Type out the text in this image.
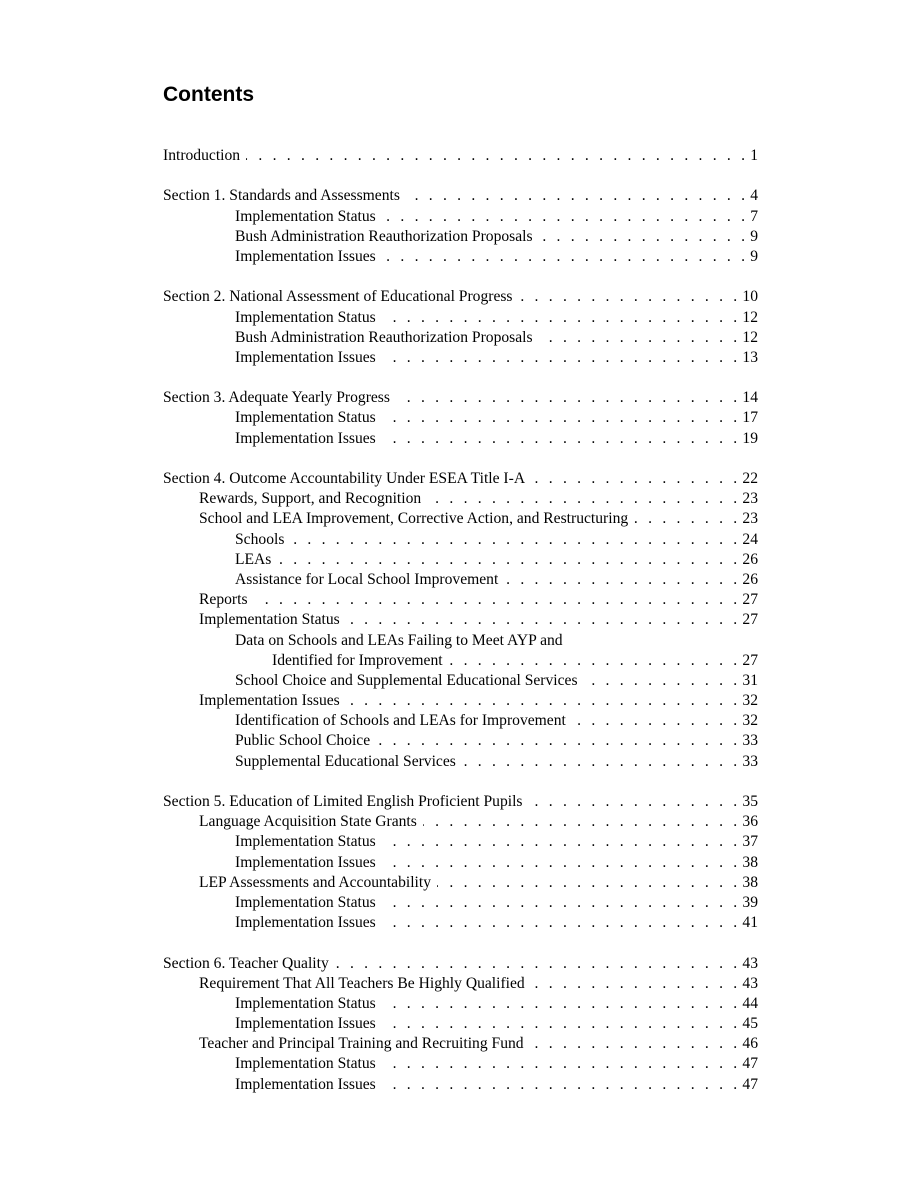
Contents
Introduction . . .	1
Section 1. Standards and Assessments . . .	4
Implementation Status . . .	7
Bush Administration Reauthorization Proposals . . .	9
Implementation Issues . . .	9
Section 2. National Assessment of Educational Progress . . .	10
Implementation Status . . .	12
Bush Administration Reauthorization Proposals . . .	12
Implementation Issues . . .	13
Section 3. Adequate Yearly Progress . . .	14
Implementation Status . . .	17
Implementation Issues . . .	19
Section 4. Outcome Accountability Under ESEA Title I-A . . .	22
Rewards, Support, and Recognition . . .	23
School and LEA Improvement, Corrective Action, and Restructuring . . .	23
Schools . . .	24
LEAs . . .	26
Assistance for Local School Improvement . . .	26
Reports . . .	27
Implementation Status . . .	27
Data on Schools and LEAs Failing to Meet AYP and
Identified for Improvement . . .	27
School Choice and Supplemental Educational Services . . .	31
Implementation Issues . . .	32
Identification of Schools and LEAs for Improvement . . .	32
Public School Choice . . .	33
Supplemental Educational Services . . .	33
Section 5. Education of Limited English Proficient Pupils . . .	35
Language Acquisition State Grants . . .	36
Implementation Status . . .	37
Implementation Issues . . .	38
LEP Assessments and Accountability . . .	38
Implementation Status . . .	39
Implementation Issues . . .	41
Section 6. Teacher Quality . . .	43
Requirement That All Teachers Be Highly Qualified . . .	43
Implementation Status . . .	44
Implementation Issues . . .	45
Teacher and Principal Training and Recruiting Fund . . .	46
Implementation Status . . .	47
Implementation Issues . . .	47
